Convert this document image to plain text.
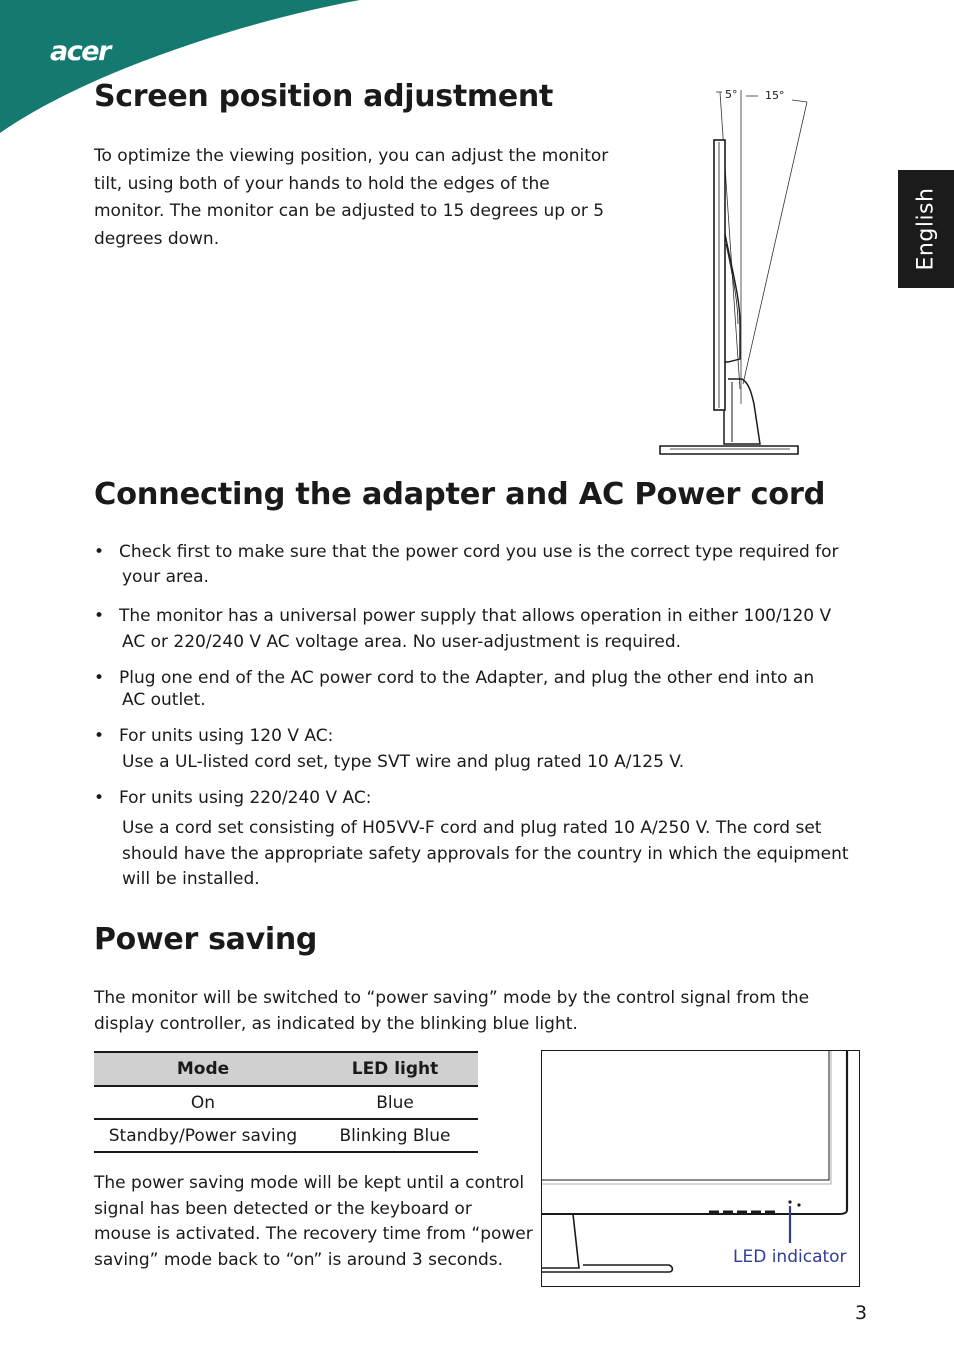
acer
English
Screen position adjustment

To optimize the viewing position, you can adjust the monitor tilt, using both of your hands to hold the edges of the monitor. The monitor can be adjusted to 15 degrees up or 5 degrees down.

5°	15°
Connecting the adapter and AC Power cord
• Check first to make sure that the power cord you use is the correct type required for
your area.
• The monitor has a universal power supply that allows operation in either 100/120 V
AC or 220/240 V AC voltage area. No user-adjustment is required.
• Plug one end of the AC power cord to the Adapter, and plug the other end into an
AC outlet.
• For units using 120 V AC:
Use a UL-listed cord set, type SVT wire and plug rated 10 A/125 V.
• For units using 220/240 V AC:
Use a cord set consisting of H05VV-F cord and plug rated 10 A/250 V. The cord set should have the appropriate safety approvals for the country in which the equipment will be installed.
Power saving

The monitor will be switched to “power saving” mode by the control signal from the display controller, as indicated by the blinking blue light.

Mode	LED light
On	Blue
Standby/Power saving	Blinking Blue

The power saving mode will be kept until a control signal has been detected or the keyboard or mouse is activated. The recovery time from “power saving” mode back to “on” is around 3 seconds.	LED indicator
3
